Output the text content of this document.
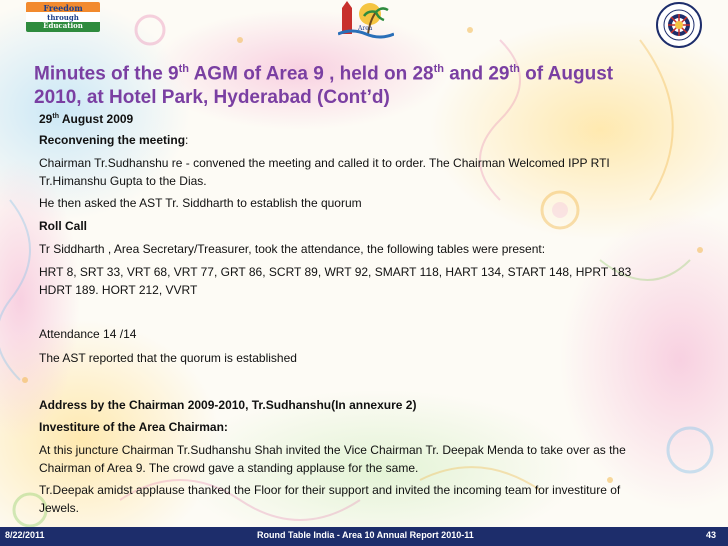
Freedom
through
Education	Area
Minutes of the 9th AGM of Area 9 , held on 28th and 29th of August
2010, at Hotel Park, Hyderabad (Cont’d)

29th August 2009

Reconvening the meeting:

Chairman Tr.Sudhanshu re - convened the meeting and called it to order. The Chairman Welcomed IPP RTI

Tr.Himanshu Gupta to the Dias.

He then asked the AST Tr. Siddharth to establish the quorum

Roll Call

Tr Siddharth , Area Secretary/Treasurer, took the attendance, the following tables were present:

HRT 8, SRT 33, VRT 68, VRT 77, GRT 86, SCRT 89, WRT 92, SMART 118, HART 134, START 148, HPRT 183

HDRT 189. HORT 212, VVRT

Attendance 14 /14

The AST reported that the quorum is established

Address by the Chairman 2009-2010, Tr.Sudhanshu(In annexure 2)

Investiture of the Area Chairman:

At this juncture Chairman Tr.Sudhanshu Shah invited the Vice Chairman Tr. Deepak Menda to take over as the

Chairman of Area 9. The crowd gave a standing applause for the same.

Tr.Deepak amidst applause thanked the Floor for their support and invited the incoming team for investiture of

Jewels.

8/22/2011	Round Table India - Area 10 Annual Report 2010-11	43
